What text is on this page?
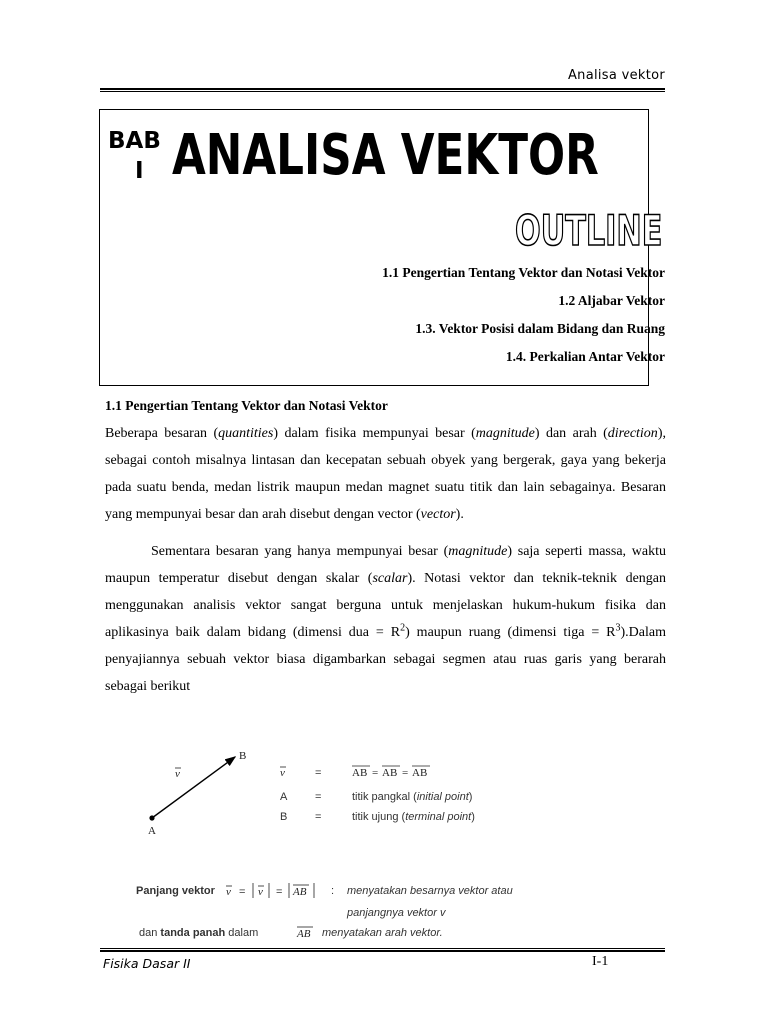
Analisa vektor
BAB
I ANALISA VEKTOR
OUTLINE
1.1 Pengertian Tentang Vektor dan Notasi Vektor
1.2 Aljabar Vektor
1.3. Vektor Posisi dalam Bidang dan Ruang
1.4. Perkalian Antar Vektor
1.1 Pengertian Tentang Vektor dan Notasi Vektor

Beberapa besaran (quantities) dalam fisika mempunyai besar (magnitude) dan arah (direction), sebagai contoh misalnya lintasan dan kecepatan sebuah obyek yang bergerak, gaya yang bekerja pada suatu benda, medan listrik maupun medan magnet suatu titik dan lain sebagainya. Besaran yang mempunyai besar dan arah disebut dengan vector (vector).

Sementara besaran yang hanya mempunyai besar (magnitude) saja seperti massa, waktu maupun temperatur disebut dengan skalar (scalar). Notasi vektor dan teknik-teknik dengan menggunakan analisis vektor sangat berguna untuk menjelaskan hukum-hukum fisika dan aplikasinya baik dalam bidang (dimensi dua = $R^2$) maupun ruang (dimensi tiga = $R^3).Dalam$ penyajiannya sebuah vektor biasa digambarkan sebagai segmen atau ruas garis yang berarah sebagai berikut

B
A
v	v	=	AB = AB = AB
A	=	titik pangkal (initial point)
B	=	titik ujung (terminal point)
Panjang vektor v = v = AB : menyatakan besarnya vektor atau
panjangnya vektor v
dan tanda panah dalam	AB menyatakan arah vektor.
Fisika Dasar II	I-1
